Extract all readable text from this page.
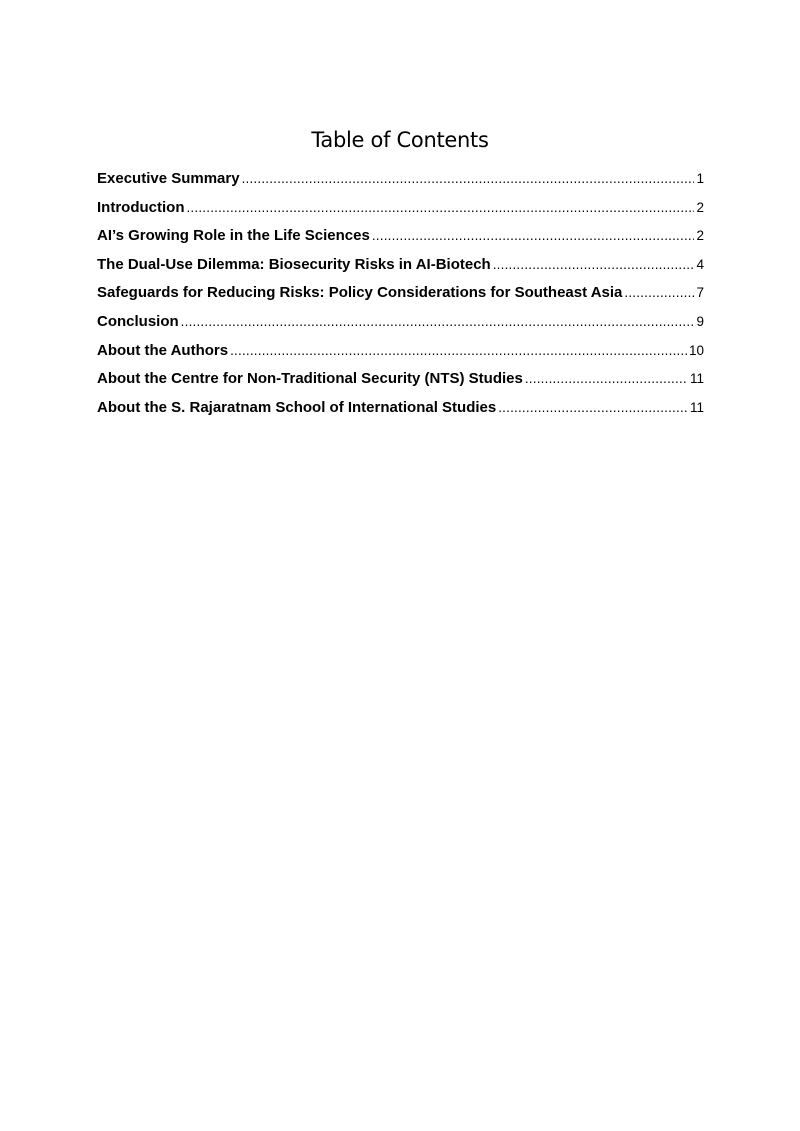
Table of Contents
Executive Summary .....	1
Introduction .....	2
AI’s Growing Role in the Life Sciences .....	2
The Dual-Use Dilemma: Biosecurity Risks in AI-Biotech .....	4
Safeguards for Reducing Risks: Policy Considerations for Southeast Asia .....	7
Conclusion .....	9
About the Authors .....	10
About the Centre for Non-Traditional Security (NTS) Studies .....	11
About the S. Rajaratnam School of International Studies .....	11
